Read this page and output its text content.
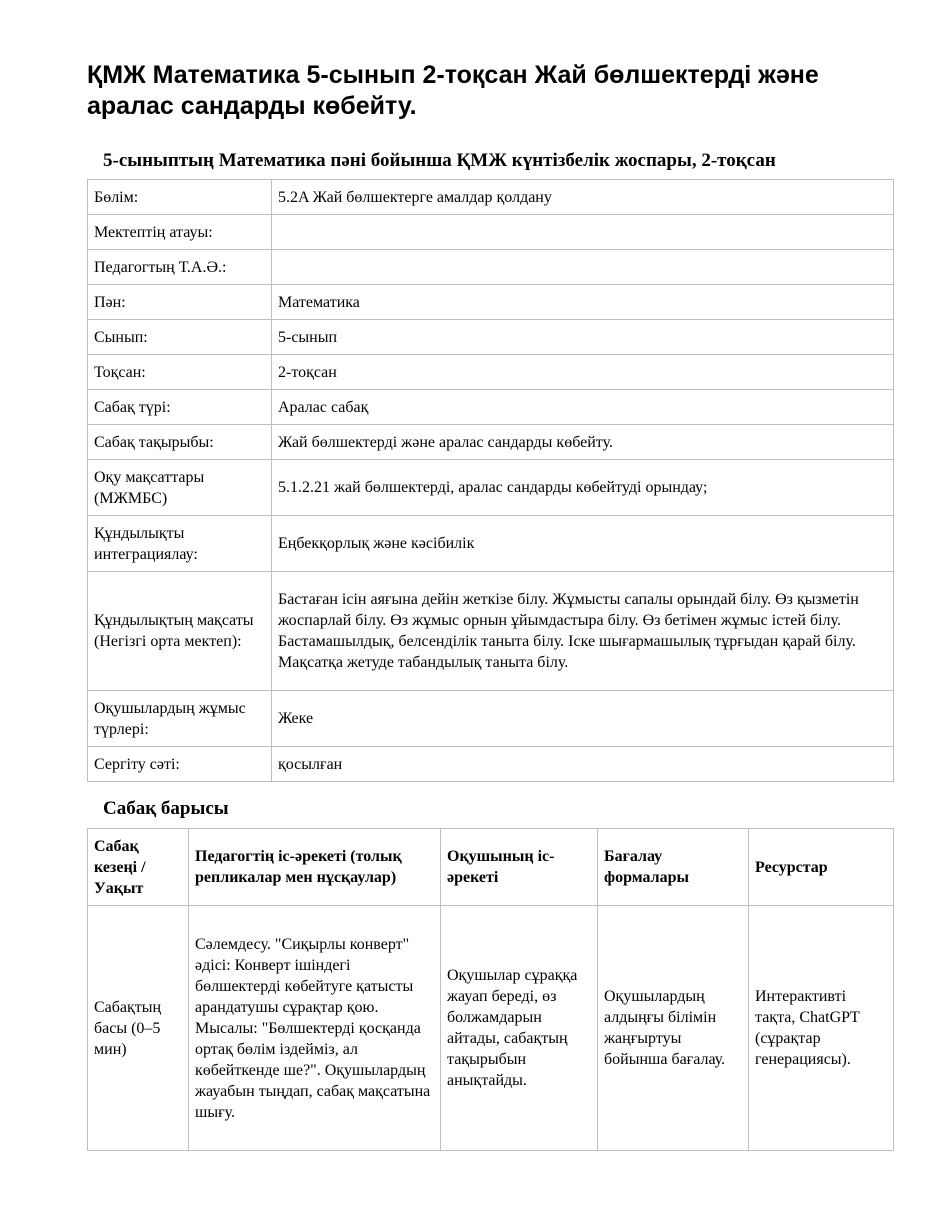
ҚМЖ Математика 5-сынып 2-тоқсан Жай бөлшектерді және аралас сандарды көбейту.
5-сыныптың Математика пәні бойынша ҚМЖ күнтізбелік жоспары, 2-тоқсан
Бөлім:	5.2A Жай бөлшектерге амалдар қолдану
Мектептің атауы:	
Педагогтың Т.А.Ә.:	
Пән:	Математика
Сынып:	5-сынып
Тоқсан:	2-тоқсан
Сабақ түрі:	Аралас сабақ
Сабақ тақырыбы:	Жай бөлшектерді және аралас сандарды көбейту.
Оқу мақсаттары (МЖМБС)	5.1.2.21 жай бөлшектерді, аралас сандарды көбейтуді орындау;
Құндылықты интеграциялау:	Еңбекқорлық және кәсібилік
Құндылықтың мақсаты (Негізгі орта мектеп):	Бастаған ісін аяғына дейін жеткізе білу. Жұмысты сапалы орындай білу. Өз қызметін жоспарлай білу. Өз жұмыс орнын ұйымдастыра білу. Өз бетімен жұмыс істей білу. Бастамашылдық, белсенділік таныта білу. Іске шығармашылық тұрғыдан қарай білу. Мақсатқа жетуде табандылық таныта білу.
Оқушылардың жұмыс түрлері:	Жеке
Сергіту сәті:	қосылған
Сабақ барысы
Сабақ кезеңі / Уақыт	Педагогтің іс-әрекеті (толық репликалар мен нұсқаулар)	Оқушының іс-әрекеті	Бағалау формалары	Ресурстар
Сабақтың басы (0–5 мин)	Сәлемдесу. "Сиқырлы конверт" әдісі: Конверт ішіндегі бөлшектерді көбейтуге қатысты арандатушы сұрақтар қою. Мысалы: "Бөлшектерді қосқанда ортақ бөлім іздейміз, ал көбейткенде ше?". Оқушылардың жауабын тыңдап, сабақ мақсатына шығу.	Оқушылар сұраққа жауап береді, өз болжамдарын айтады, сабақтың тақырыбын анықтайды.	Оқушылардың алдыңғы білімін жаңғыртуы бойынша бағалау.	Интерактивті тақта, ChatGPT (сұрақтар генерациясы).
